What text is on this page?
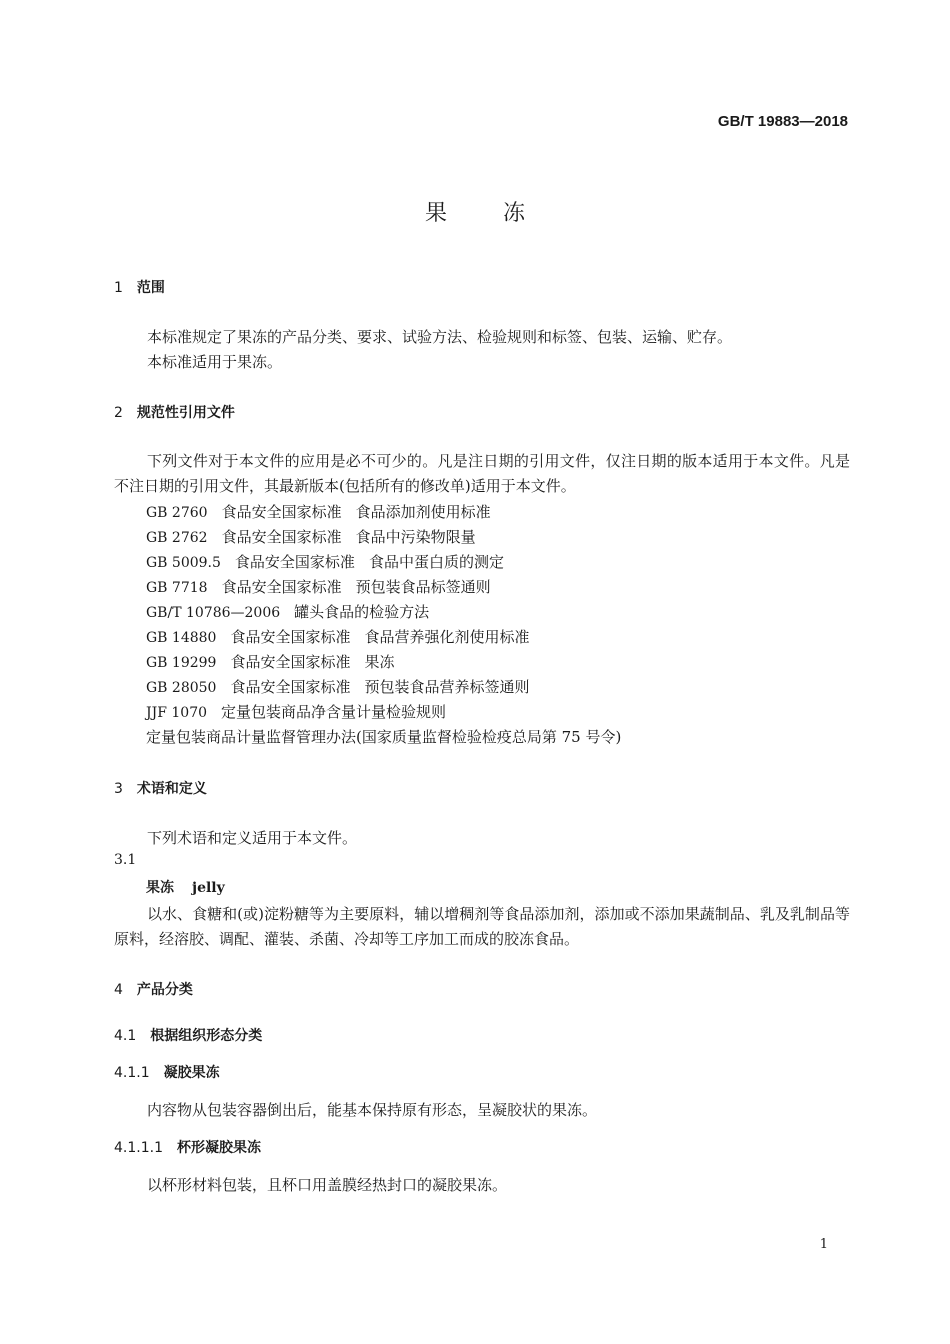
GB/T 19883—2018
果冻
1 范围
本标准规定了果冻的产品分类、要求、试验方法、检验规则和标签、包装、运输、贮存。
本标准适用于果冻。
2 规范性引用文件
下列文件对于本文件的应用是必不可少的。凡是注日期的引用文件，仅注日期的版本适用于本文件。凡是不注日期的引用文件，其最新版本(包括所有的修改单)适用于本文件。
GB 2760 食品安全国家标准 食品添加剂使用标准
GB 2762 食品安全国家标准 食品中污染物限量
GB 5009.5 食品安全国家标准 食品中蛋白质的测定
GB 7718 食品安全国家标准 预包装食品标签通则
GB/T 10786—2006 罐头食品的检验方法
GB 14880 食品安全国家标准 食品营养强化剂使用标准
GB 19299 食品安全国家标准 果冻
GB 28050 食品安全国家标准 预包装食品营养标签通则
JJF 1070 定量包装商品净含量计量检验规则
定量包装商品计量监督管理办法(国家质量监督检验检疫总局第 75 号令)
3 术语和定义
下列术语和定义适用于本文件。
3.1
果冻 jelly
以水、食糖和(或)淀粉糖等为主要原料，辅以增稠剂等食品添加剂，添加或不添加果蔬制品、乳及乳制品等原料，经溶胶、调配、灌装、杀菌、冷却等工序加工而成的胶冻食品。
4 产品分类
4.1 根据组织形态分类
4.1.1 凝胶果冻
内容物从包装容器倒出后，能基本保持原有形态，呈凝胶状的果冻。
4.1.1.1 杯形凝胶果冻
以杯形材料包装，且杯口用盖膜经热封口的凝胶果冻。
1
